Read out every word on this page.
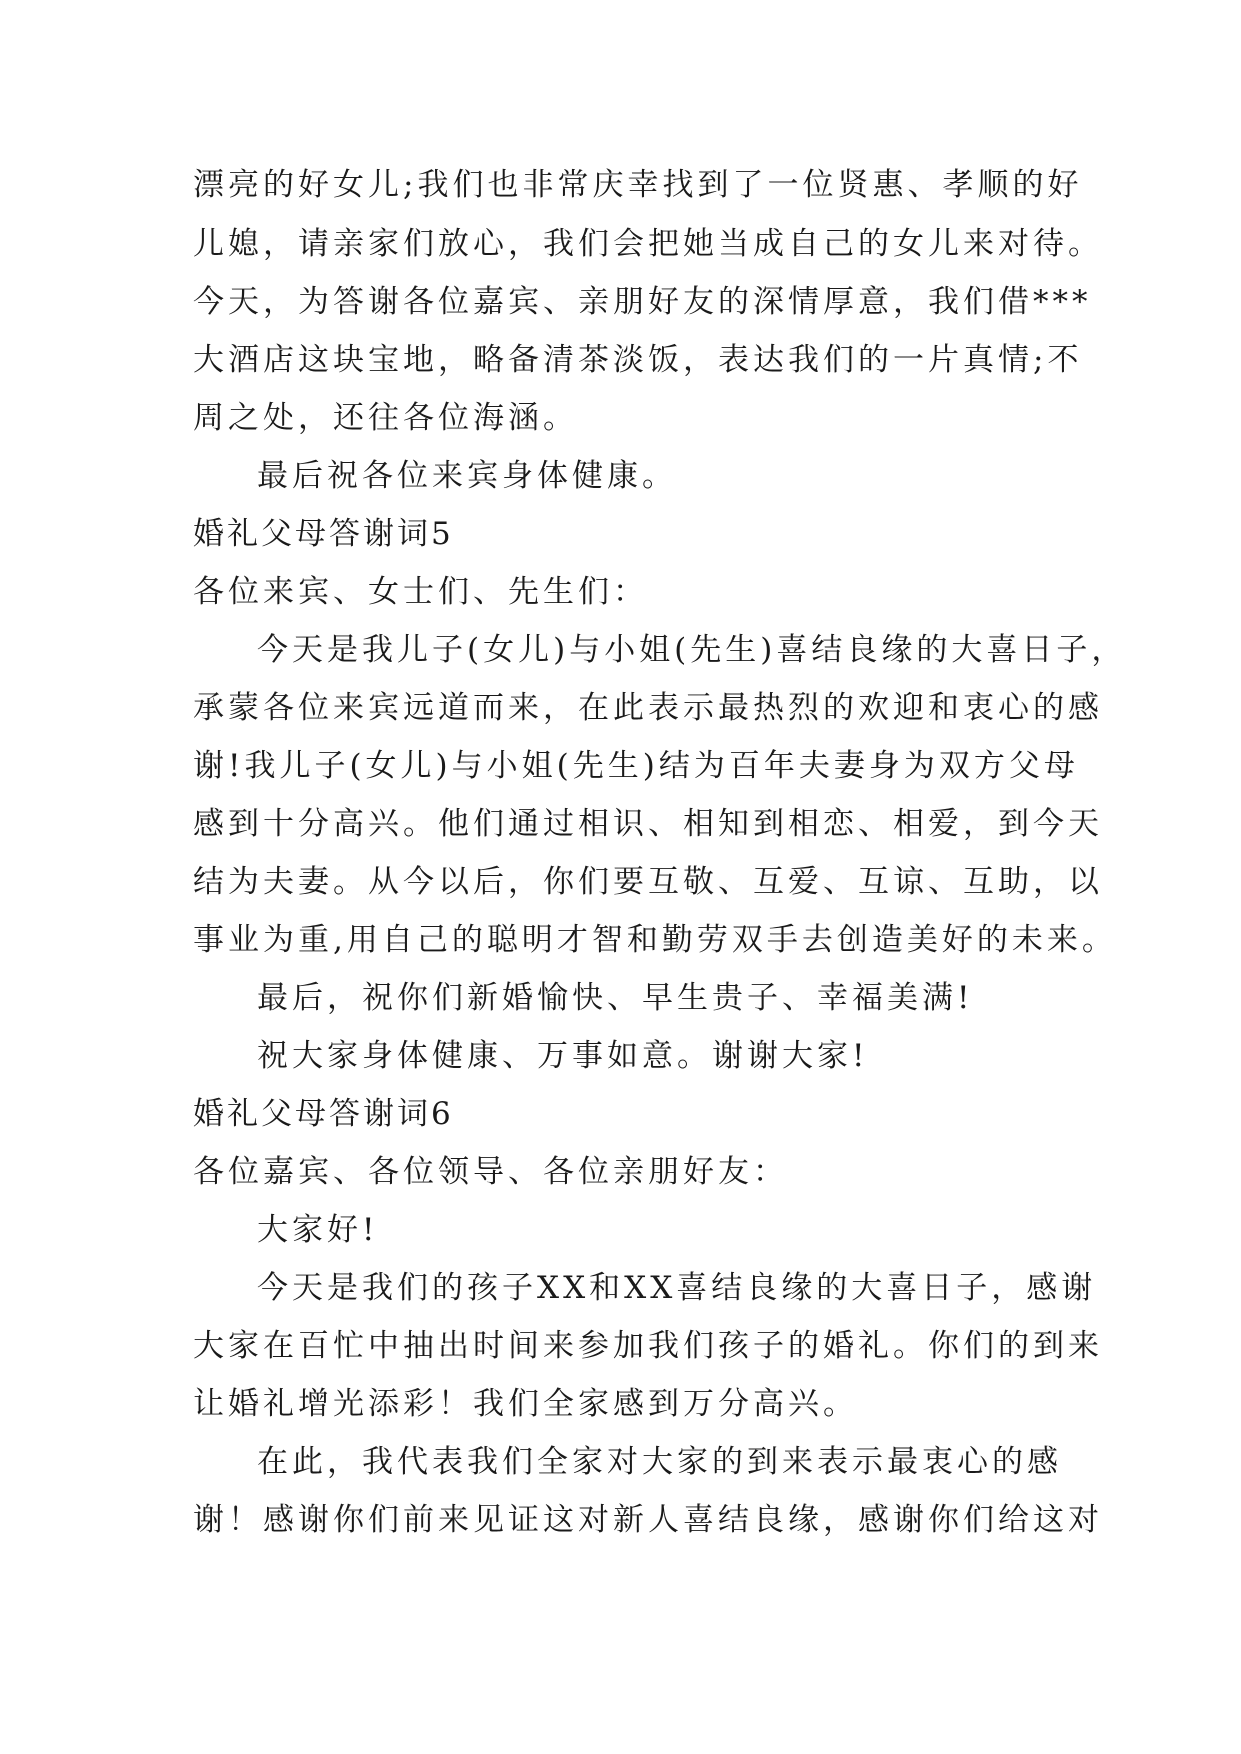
漂亮的好女儿;我们也非常庆幸找到了一位贤惠、孝顺的好
儿媳，请亲家们放心，我们会把她当成自己的女儿来对待。
今天，为答谢各位嘉宾、亲朋好友的深情厚意，我们借***
大酒店这块宝地，略备清茶淡饭，表达我们的一片真情;不
周之处，还往各位海涵。
最后祝各位来宾身体健康。
婚礼父母答谢词5
各位来宾、女士们、先生们：
今天是我儿子(女儿)与小姐(先生)喜结良缘的大喜日子，
承蒙各位来宾远道而来，在此表示最热烈的欢迎和衷心的感
谢!我儿子(女儿)与小姐(先生)结为百年夫妻身为双方父母
感到十分高兴。他们通过相识、相知到相恋、相爱，到今天
结为夫妻。从今以后，你们要互敬、互爱、互谅、互助，以
事业为重,用自己的聪明才智和勤劳双手去创造美好的未来。
最后，祝你们新婚愉快、早生贵子、幸福美满!
祝大家身体健康、万事如意。谢谢大家!
婚礼父母答谢词6
各位嘉宾、各位领导、各位亲朋好友：
大家好!
今天是我们的孩子XX和XX喜结良缘的大喜日子，感谢
大家在百忙中抽出时间来参加我们孩子的婚礼。你们的到来
让婚礼增光添彩！我们全家感到万分高兴。
在此，我代表我们全家对大家的到来表示最衷心的感
谢！感谢你们前来见证这对新人喜结良缘，感谢你们给这对
